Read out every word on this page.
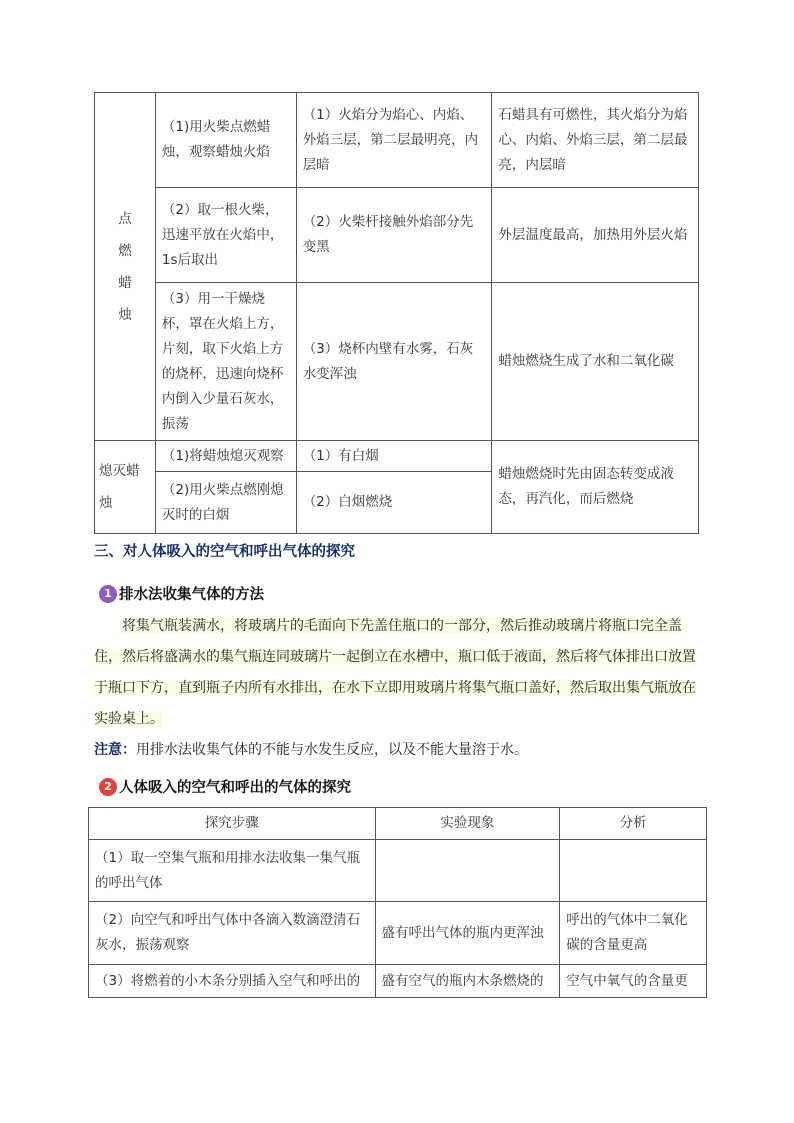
点燃蜡烛	（1)用火柴点燃蜡烛，观察蜡烛火焰	（1）火焰分为焰心、内焰、外焰三层，第二层最明亮，内层暗	石蜡具有可燃性，其火焰分为焰心、内焰、外焰三层，第二层最亮，内层暗
	（2）取一根火柴，迅速平放在火焰中，1s后取出	（2）火柴杆接触外焰部分先变黑	外层温度最高，加热用外层火焰
	（3）用一干燥烧杯，罩在火焰上方，片刻，取下火焰上方的烧杯，迅速向烧杯内倒入少量石灰水，振荡	（3）烧杯内壁有水雾，石灰水变浑浊	蜡烛燃烧生成了水和二氧化碳
熄灭蜡烛	（1)将蜡烛熄灭观察	（1）有白烟	蜡烛燃烧时先由固态转变成液态，再汽化，而后燃烧
	（2)用火柴点燃刚熄灭时的白烟	（2）白烟燃烧	
三、对人体吸入的空气和呼出气体的探究
1 排水法收集气体的方法
将集气瓶装满水，将玻璃片的毛面向下先盖住瓶口的一部分，然后推动玻璃片将瓶口完全盖住，然后将盛满水的集气瓶连同玻璃片一起倒立在水槽中，瓶口低于液面，然后将气体排出口放置于瓶口下方，直到瓶子内所有水排出，在水下立即用玻璃片将集气瓶口盖好，然后取出集气瓶放在实验桌上。
注意：用排水法收集气体的不能与水发生反应，以及不能大量溶于水。
2 人体吸入的空气和呼出的气体的探究
探究步骤	实验现象	分析
（1）取一空集气瓶和用排水法收集一集气瓶的呼出气体		
（2）向空气和呼出气体中各滴入数滴澄清石灰水，振荡观察	盛有呼出气体的瓶内更浑浊	呼出的气体中二氧化碳的含量更高
（3）将燃着的小木条分别插入空气和呼出的	盛有空气的瓶内木条燃烧的	空气中氧气的含量更
